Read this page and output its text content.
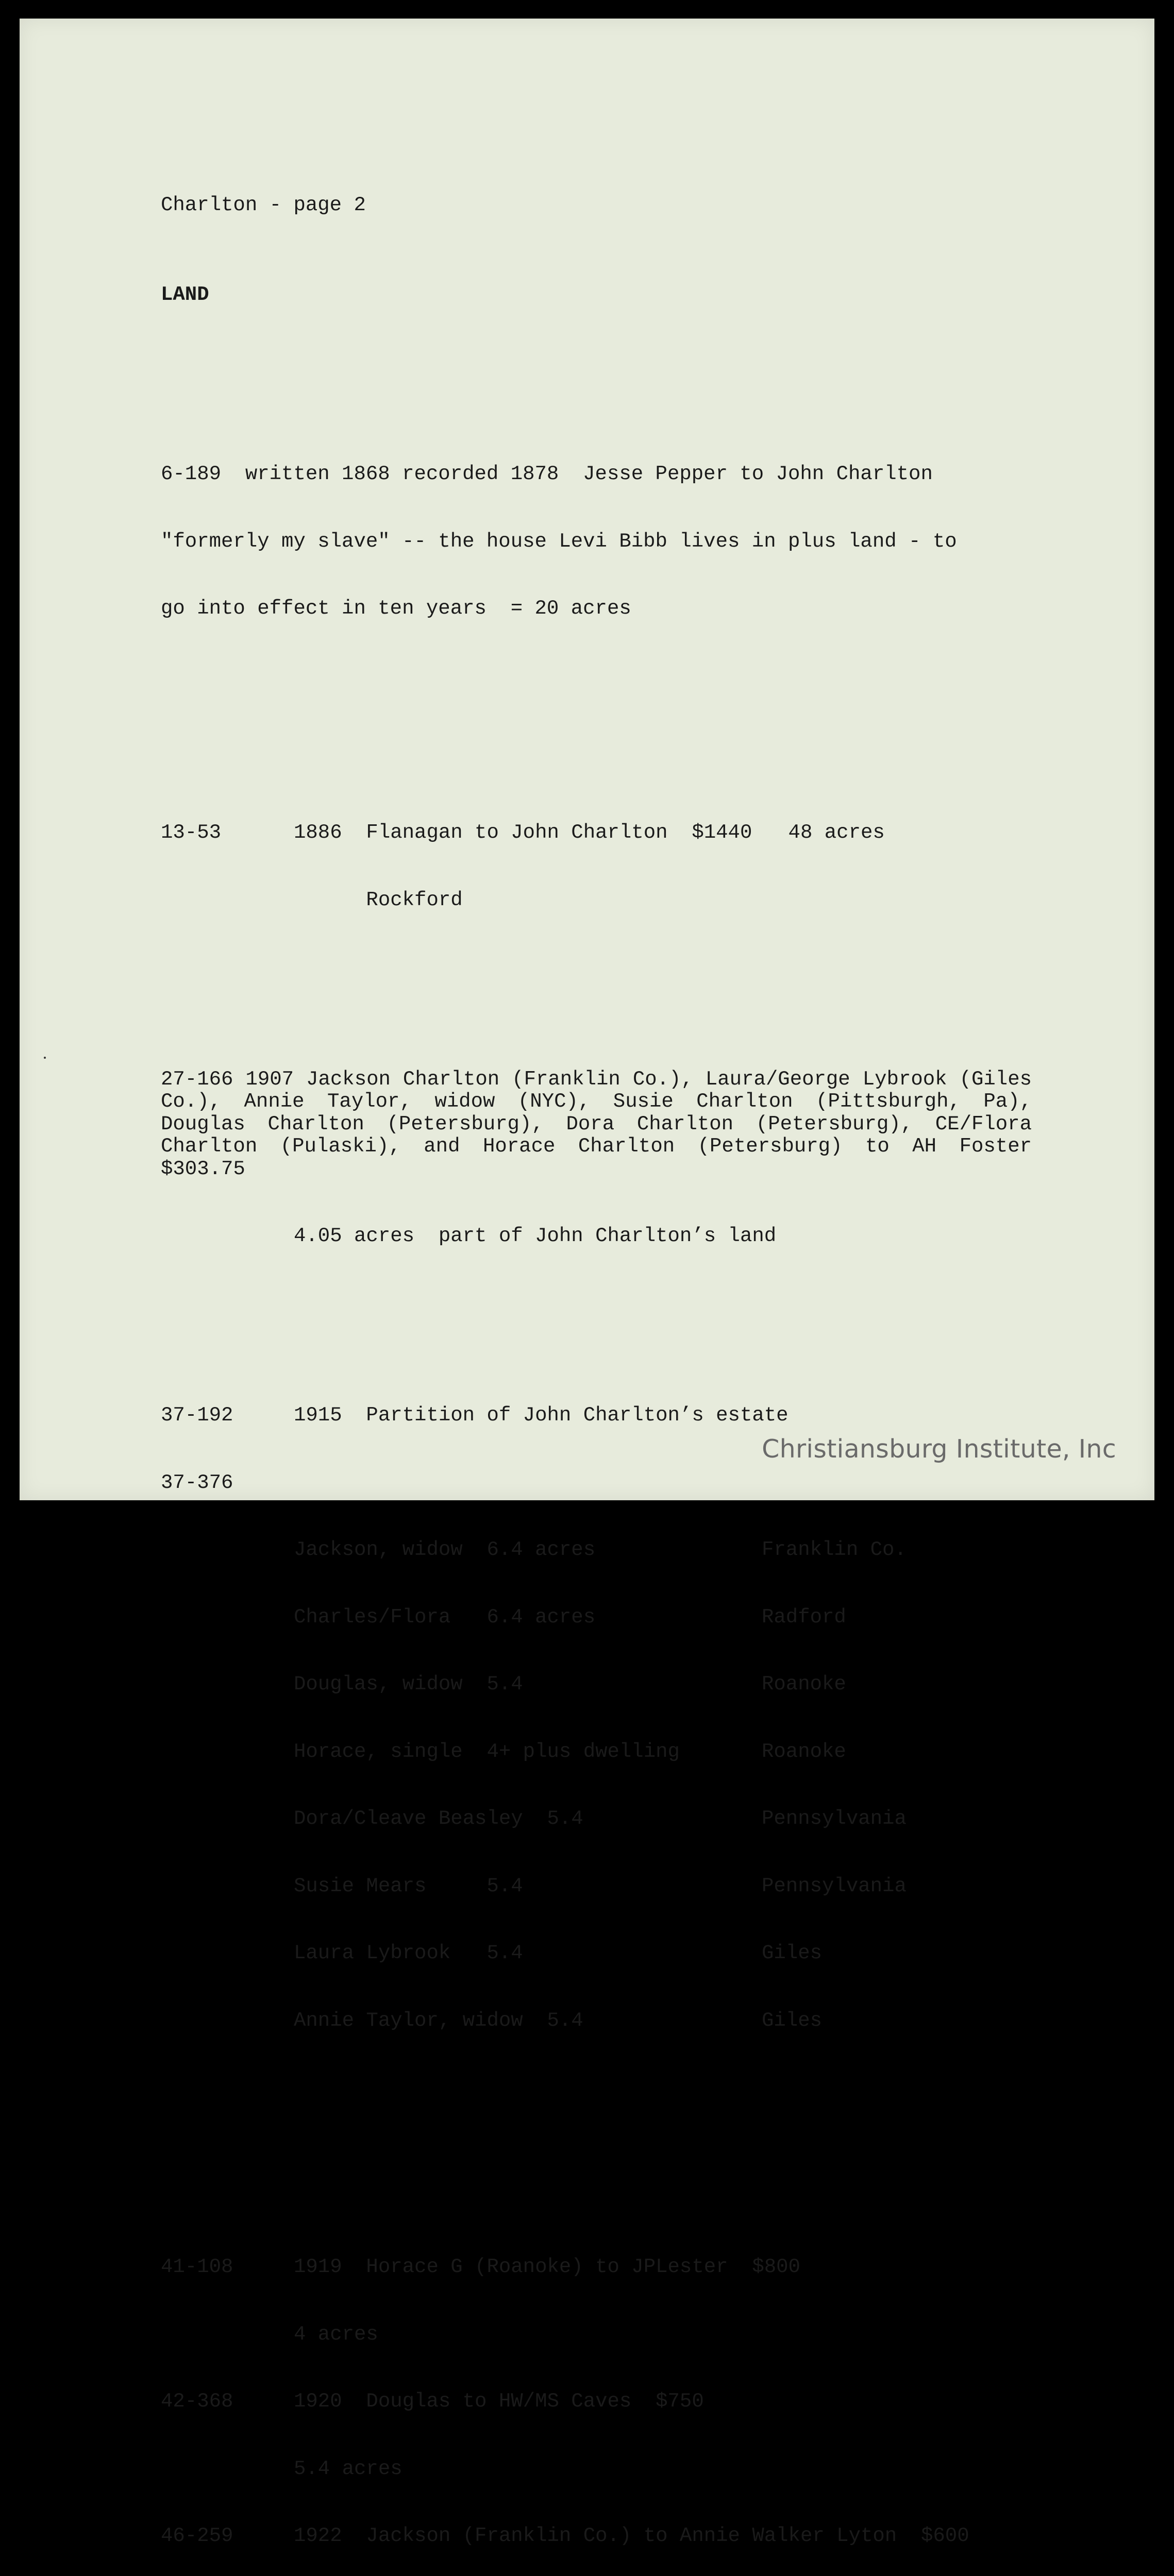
Charlton - page 2

LAND

6-189  written 1868 recorded 1878  Jesse Pepper to John Charlton

"formerly my slave" -- the house Levi Bibb lives in plus land - to

go into effect in ten years  = 20 acres

13-53	1886  Flanagan to John Charlton  $1440   48 acres

Rockford

27-166 1907 Jackson Charlton (Franklin Co.), Laura/George Lybrook (Giles Co.), Annie Taylor, widow (NYC), Susie Charlton (Pittsburgh, Pa), Douglas Charlton (Petersburg), Dora Charlton (Petersburg), CE/Flora Charlton (Pulaski), and Horace Charlton (Petersburg) to AH Foster $303.75

4.05 acres  part of John Charlton’s land

37-192	1915  Partition of John Charlton’s estate

37-376

Jackson, widow  6.4 acres	Franklin Co.

Charles/Flora   6.4 acres	Radford

Douglas, widow  5.4	Roanoke

Horace, single  4+ plus dwelling	Roanoke

Dora/Cleave Beasley  5.4	Pennsylvania

Susie Mears     5.4	Pennsylvania

Laura Lybrook   5.4	Giles

Annie Taylor, widow  5.4	Giles

41-108	1919  Horace G (Roanoke) to JPLester  $800

4 acres

42-368	1920  Douglas to HW/MS Caves  $750

5.4 acres

46-259	1922  Jackson (Franklin Co.) to Annie Walker Lyton  $600

Christiansburg Institute, Inc
